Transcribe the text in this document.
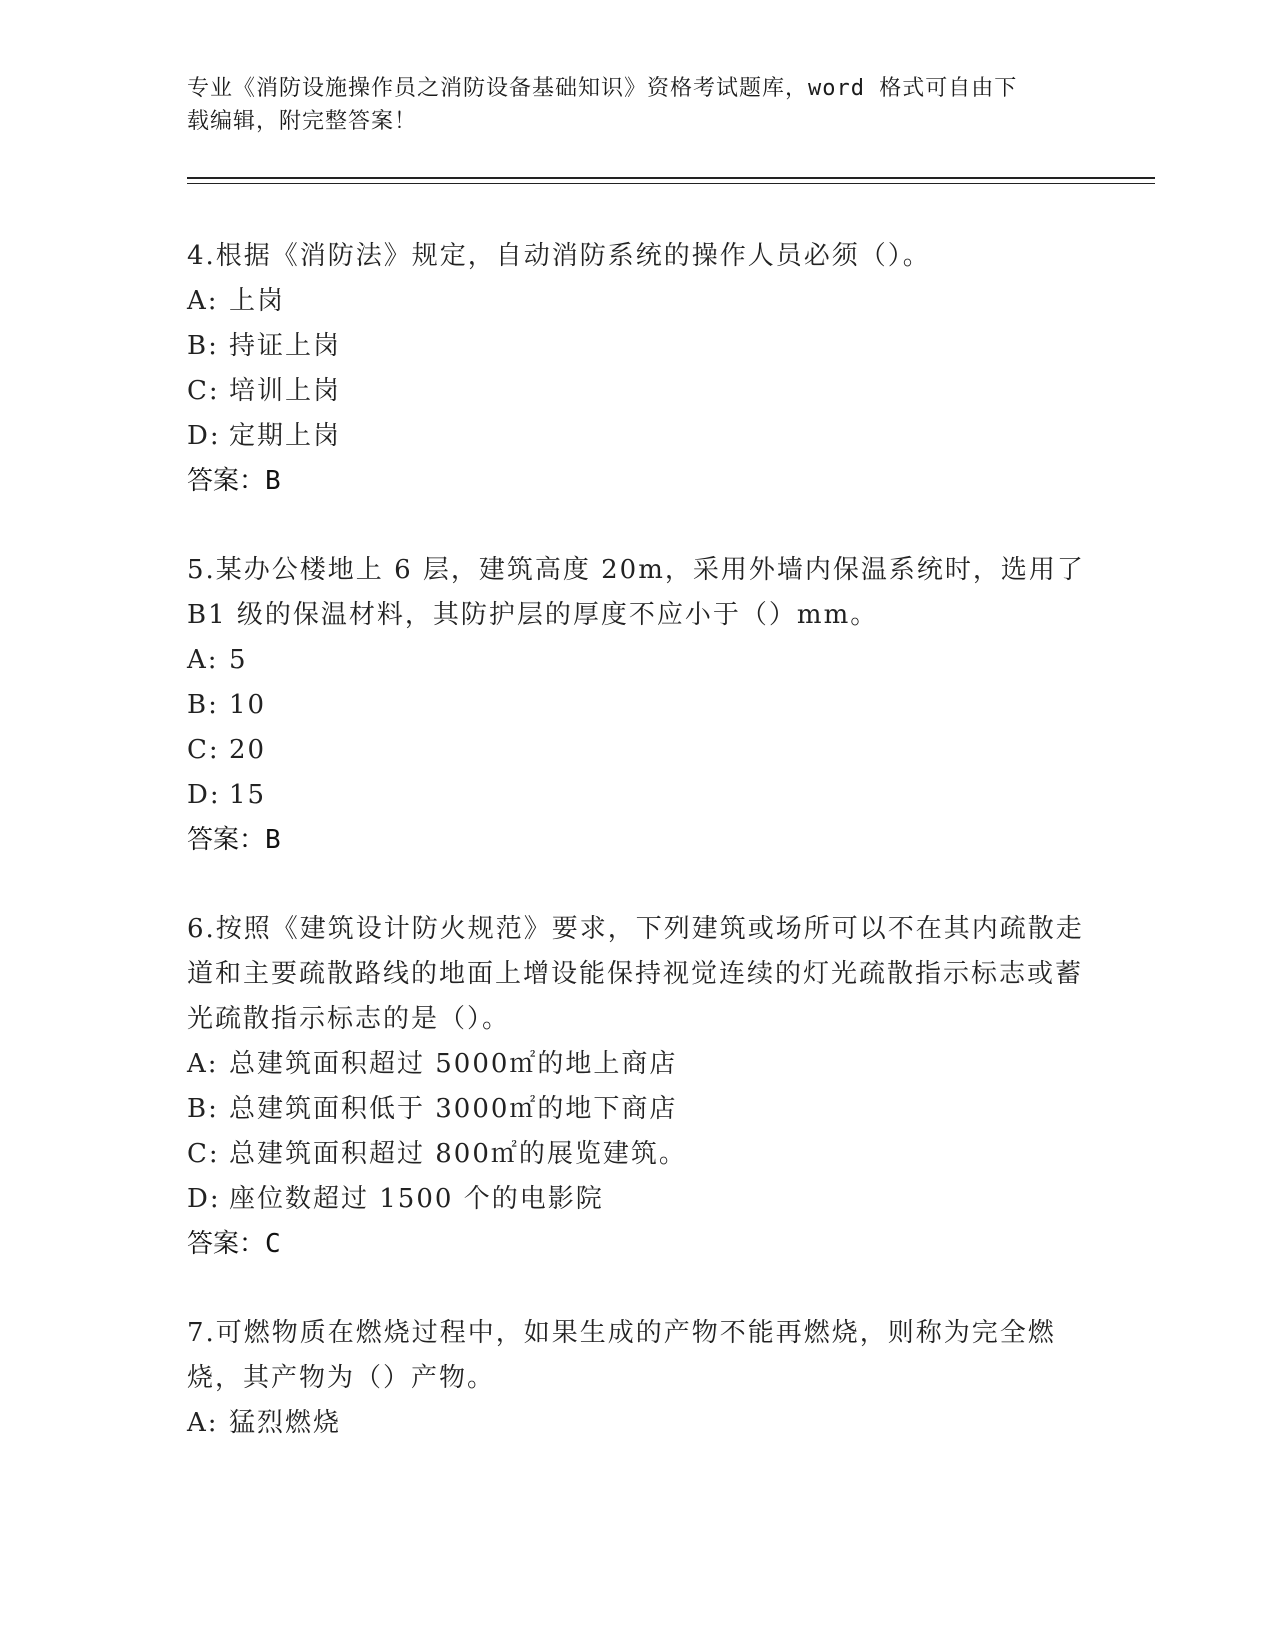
专业《消防设施操作员之消防设备基础知识》资格考试题库，word 格式可自由下
载编辑，附完整答案！

4.根据《消防法》规定，自动消防系统的操作人员必须（）。

A: 上岗

B: 持证上岗

C: 培训上岗

D: 定期上岗

答案：B

5.某办公楼地上 6 层，建筑高度 20m，采用外墙内保温系统时，选用了 B1 级的保温材料，其防护层的厚度不应小于（）mm。

A: 5

B: 10

C: 20

D: 15

答案：B

6.按照《建筑设计防火规范》要求，下列建筑或场所可以不在其内疏散走道和主要疏散路线的地面上增设能保持视觉连续的灯光疏散指示标志或蓄光疏散指示标志的是（）。

A: 总建筑面积超过 5000㎡的地上商店

B: 总建筑面积低于 3000㎡的地下商店

C: 总建筑面积超过 800㎡的展览建筑。

D: 座位数超过 1500 个的电影院

答案：C

7.可燃物质在燃烧过程中，如果生成的产物不能再燃烧，则称为完全燃烧，其产物为（）产物。

A: 猛烈燃烧
